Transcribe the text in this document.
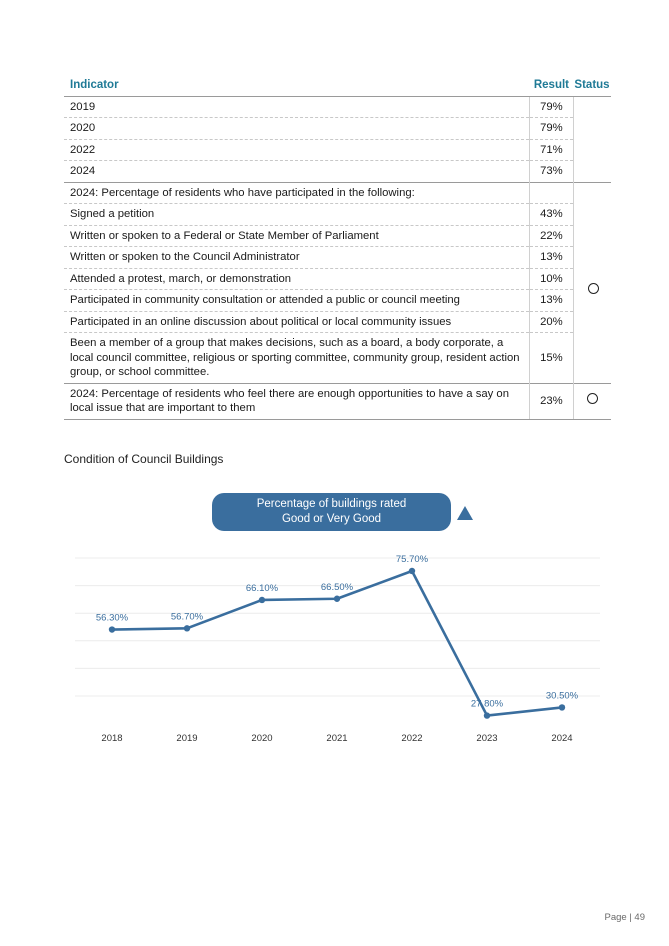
Indicator	Result	Status
2019	79%	
2020	79%	
2022	71%	
2024	73%	
2024: Percentage of residents who have participated in the following:		

Signed a petition	43%	
Written or spoken to a Federal or State Member of Parliament	22%	
Written or spoken to the Council Administrator	13%	
Attended a protest, march, or demonstration	10%	
Participated in community consultation or attended a public or council meeting	13%	
Participated in an online discussion about political or local community issues	20%	
Been a member of a group that makes decisions, such as a board, a body corporate, a local council committee, religious or sporting committee, community group, resident action group, or school committee.	15%	
2024: Percentage of residents who feel there are enough opportunities to have a say on local issue that are important to them	23%	
Condition of Council Buildings
Percentage of buildings rated
Good or Very Good
56.30%
2018
56.70%
2019
66.10%
2020
66.50%
2021
75.70%
2022
27.80%
2023
30.50%
2024
Page | 49
